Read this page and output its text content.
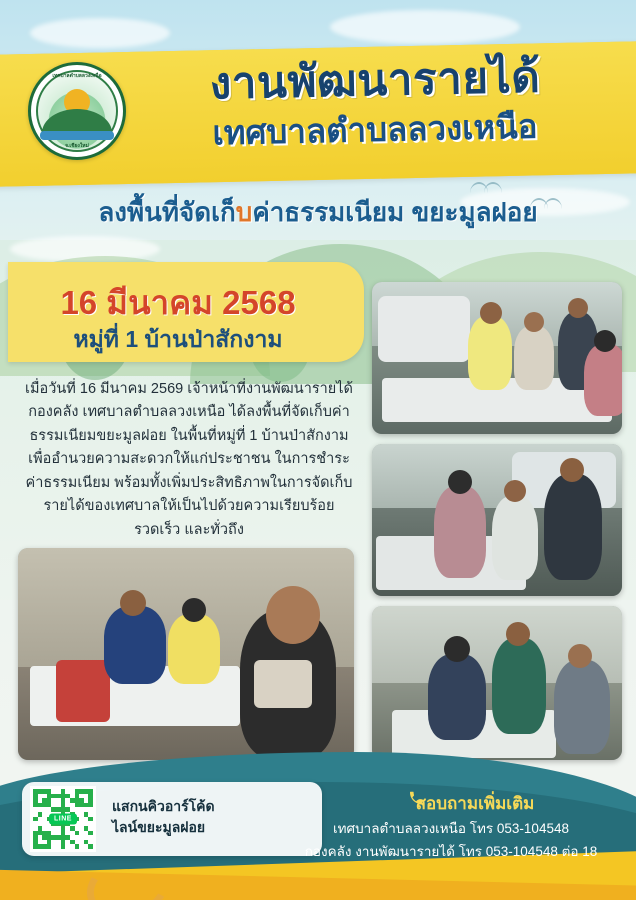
เทศบาลตำบลลวงเหนือ
จ.เชียงใหม่
งานพัฒนารายได้
เทศบาลตำบลลวงเหนือ
ลงพื้นที่จัดเก็บค่าธรรมเนียม ขยะมูลฝอย
16 มีนาคม 2568
หมู่ที่ 1 บ้านป่าสักงาม
เมื่อวันที่ 16 มีนาคม 2569 เจ้าหน้าที่งานพัฒนารายได้ กองคลัง เทศบาลตำบลลวงเหนือ ได้ลงพื้นที่จัดเก็บค่าธรรมเนียมขยะมูลฝอย ในพื้นที่หมู่ที่ 1 บ้านป่าสักงาม เพื่ออำนวยความสะดวกให้แก่ประชาชน ในการชำระค่าธรรมเนียม พร้อมทั้งเพิ่มประสิทธิภาพในการจัดเก็บรายได้ของเทศบาลให้เป็นไปด้วยความเรียบร้อย รวดเร็ว และทั่วถึง
LINE
แสกนคิวอาร์โค้ด
ไลน์ขยะมูลฝอย
สอบถามเพิ่มเติม
เทศบาลตำบลลวงเหนือ โทร 053-104548
กองคลัง งานพัฒนารายได้ โทร 053-104548 ต่อ 18
